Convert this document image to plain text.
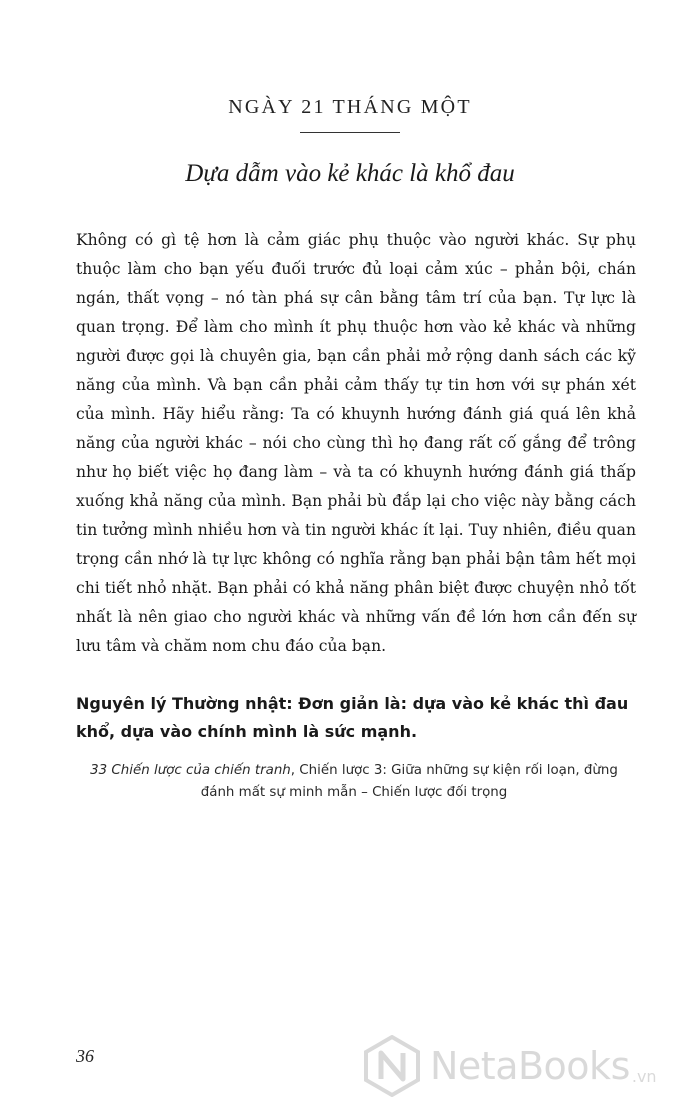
NGÀY 21 THÁNG MỘT
Dựa dẫm vào kẻ khác là khổ đau

Không có gì tệ hơn là cảm giác phụ thuộc vào người khác. Sự phụ thuộc làm cho bạn yếu đuối trước đủ loại cảm xúc – phản bội, chán ngán, thất vọng – nó tàn phá sự cân bằng tâm trí của bạn. Tự lực là quan trọng. Để làm cho mình ít phụ thuộc hơn vào kẻ khác và những người được gọi là chuyên gia, bạn cần phải mở rộng danh sách các kỹ năng của mình. Và bạn cần phải cảm thấy tự tin hơn với sự phán xét của mình. Hãy hiểu rằng: Ta có khuynh hướng đánh giá quá lên khả năng của người khác – nói cho cùng thì họ đang rất cố gắng để trông như họ biết việc họ đang làm – và ta có khuynh hướng đánh giá thấp xuống khả năng của mình. Bạn phải bù đắp lại cho việc này bằng cách tin tưởng mình nhiều hơn và tin người khác ít lại. Tuy nhiên, điều quan trọng cần nhớ là tự lực không có nghĩa rằng bạn phải bận tâm hết mọi chi tiết nhỏ nhặt. Bạn phải có khả năng phân biệt được chuyện nhỏ tốt nhất là nên giao cho người khác và những vấn đề lớn hơn cần đến sự lưu tâm và chăm nom chu đáo của bạn.

Nguyên lý Thường nhật: Đơn giản là: dựa vào kẻ khác thì đau khổ, dựa vào chính mình là sức mạnh.

33 Chiến lược của chiến tranh, Chiến lược 3: Giữa những sự kiện rối loạn, đừng đánh mất sự minh mẫn – Chiến lược đối trọng

36	NetaBooks .vn
